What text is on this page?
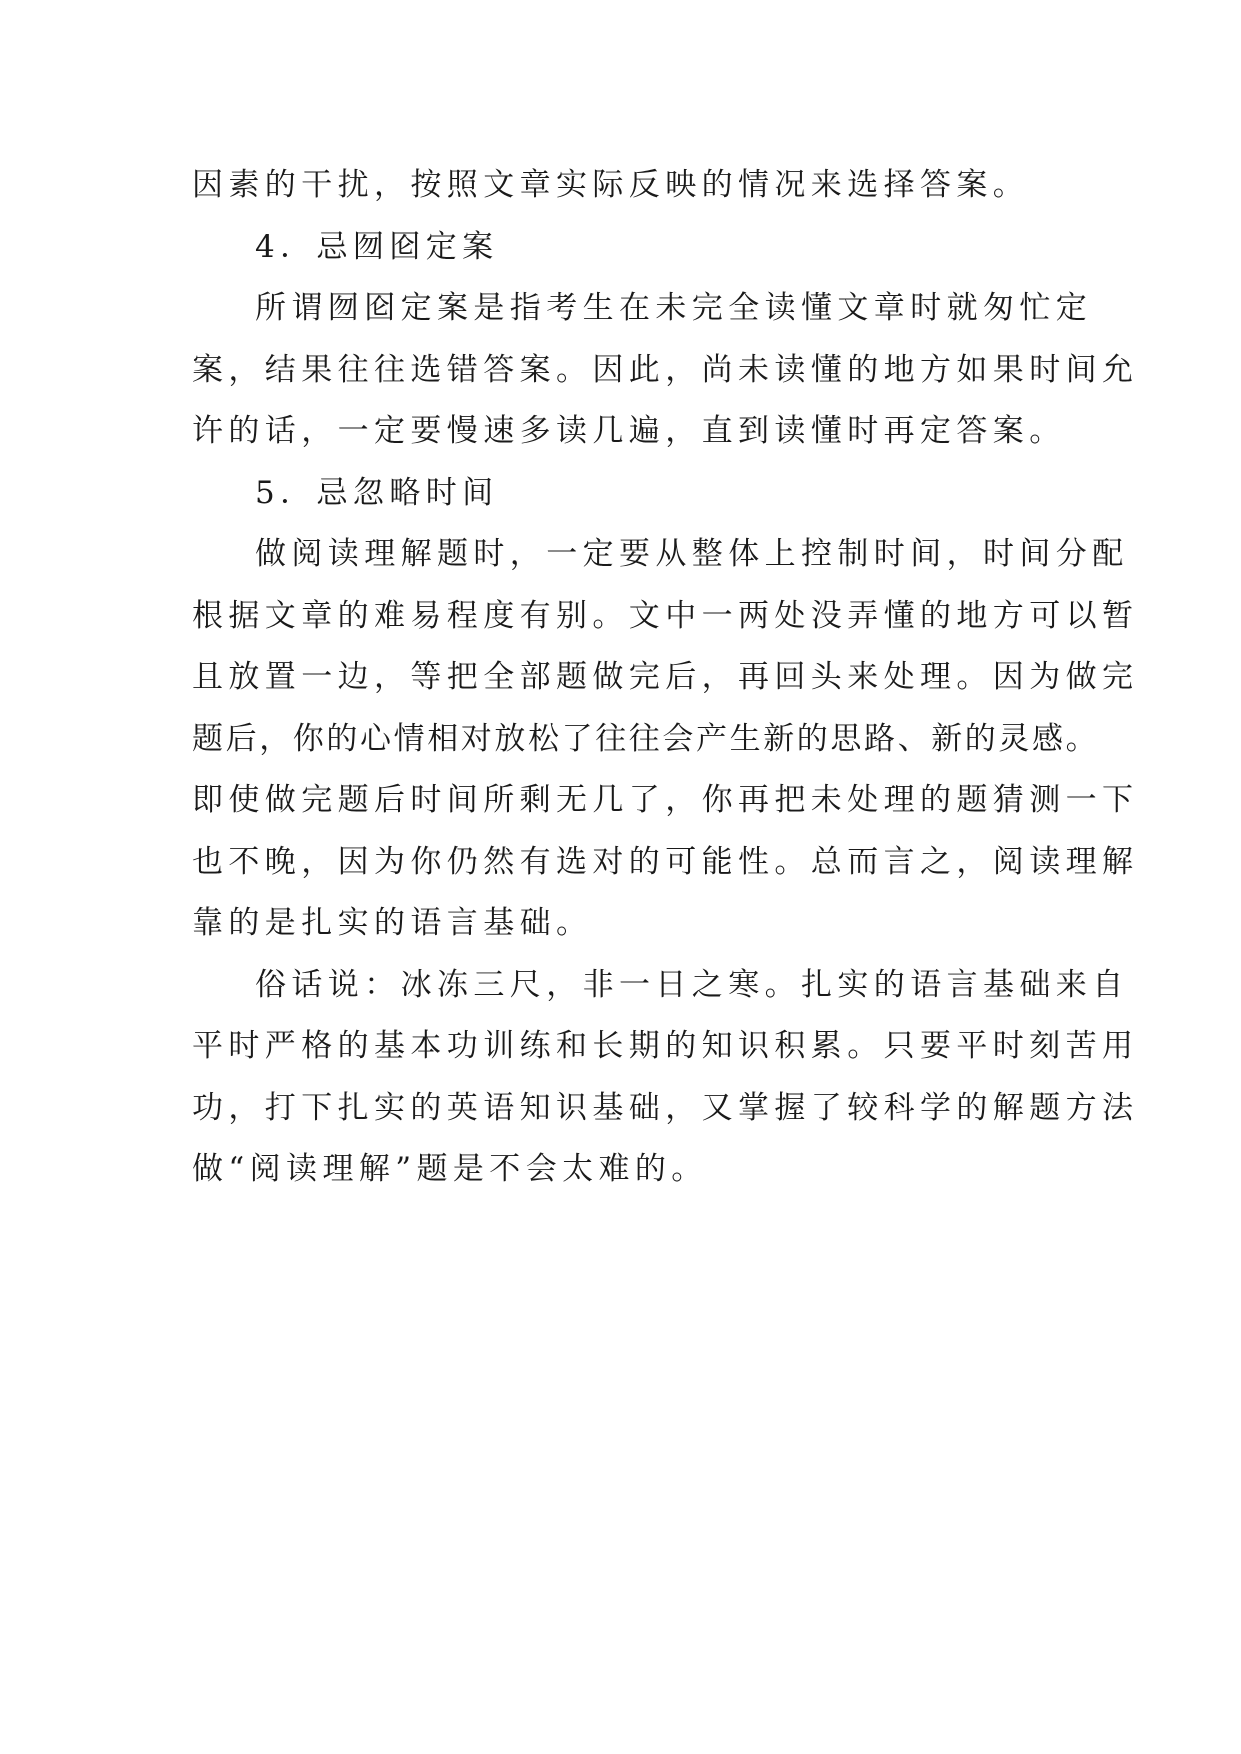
因素的干扰，按照文章实际反映的情况来选择答案。
4．忌囫囵定案
所谓囫囵定案是指考生在未完全读懂文章时就匆忙定
案，结果往往选错答案。因此，尚未读懂的地方如果时间允
许的话，一定要慢速多读几遍，直到读懂时再定答案。
5．忌忽略时间
做阅读理解题时，一定要从整体上控制时间，时间分配
根据文章的难易程度有别。文中一两处没弄懂的地方可以暂
且放置一边，等把全部题做完后，再回头来处理。因为做完
题后，你的心情相对放松了往往会产生新的思路、新的灵感。
即使做完题后时间所剩无几了，你再把未处理的题猜测一下
也不晚，因为你仍然有选对的可能性。总而言之，阅读理解
靠的是扎实的语言基础。
俗话说：冰冻三尺，非一日之寒。扎实的语言基础来自
平时严格的基本功训练和长期的知识积累。只要平时刻苦用
功，打下扎实的英语知识基础，又掌握了较科学的解题方法
做“阅读理解”题是不会太难的。
